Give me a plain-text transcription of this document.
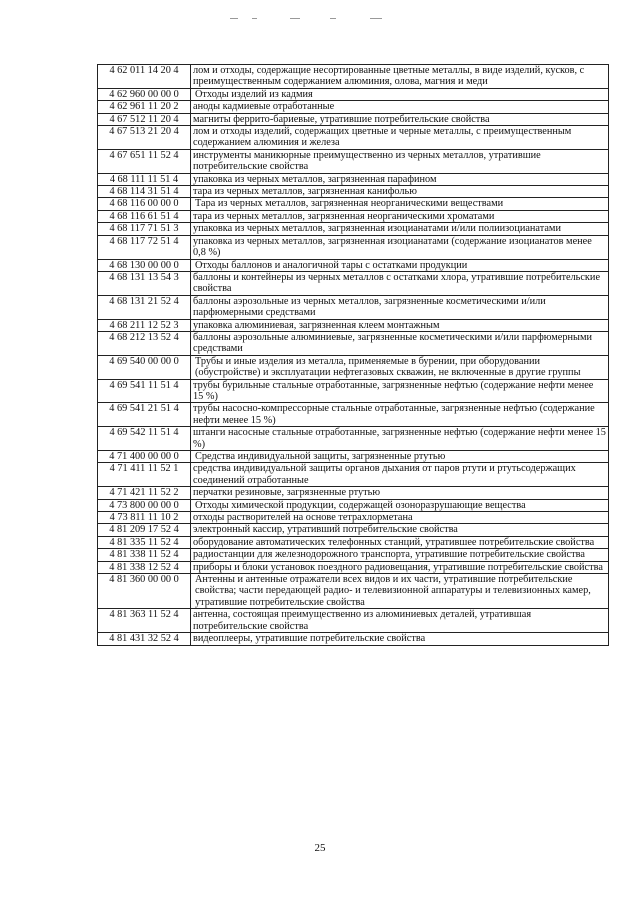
4 62 011 14 20 4	лом и отходы, содержащие несортированные цветные металлы, в виде изделий, кусков, с преимущественным содержанием алюминия, олова, магния и меди
4 62 960 00 00 0	Отходы изделий из кадмия
4 62 961 11 20 2	аноды кадмиевые отработанные
4 67 512 11 20 4	магниты феррито-бариевые, утратившие потребительские свойства
4 67 513 21 20 4	лом и отходы изделий, содержащих цветные и черные металлы, с преимущественным содержанием алюминия и железа
4 67 651 11 52 4	инструменты маникюрные преимущественно из черных металлов, утратившие потребительские свойства
4 68 111 11 51 4	упаковка из черных металлов, загрязненная парафином
4 68 114 31 51 4	тара из черных металлов, загрязненная канифолью
4 68 116 00 00 0	Тара из черных металлов, загрязненная неорганическими веществами
4 68 116 61 51 4	тара из черных металлов, загрязненная неорганическими хроматами
4 68 117 71 51 3	упаковка из черных металлов, загрязненная изоцианатами и/или полиизоцианатами
4 68 117 72 51 4	упаковка из черных металлов, загрязненная изоцианатами (содержание изоцианатов менее 0,8 %)
4 68 130 00 00 0	Отходы баллонов и аналогичной тары с остатками продукции
4 68 131 13 54 3	баллоны и контейнеры из черных металлов с остатками хлора, утратившие потребительские свойства
4 68 131 21 52 4	баллоны аэрозольные из черных металлов, загрязненные косметическими и/или парфюмерными средствами
4 68 211 12 52 3	упаковка алюминиевая, загрязненная клеем монтажным
4 68 212 13 52 4	баллоны аэрозольные алюминиевые, загрязненные косметическими и/или парфюмерными средствами
4 69 540 00 00 0	Трубы и иные изделия из металла, применяемые в бурении, при оборудовании (обустройстве) и эксплуатации нефтегазовых скважин, не включенные в другие группы
4 69 541 11 51 4	трубы бурильные стальные отработанные, загрязненные нефтью (содержание нефти менее 15 %)
4 69 541 21 51 4	трубы насосно-компрессорные стальные отработанные, загрязненные нефтью (содержание нефти менее 15 %)
4 69 542 11 51 4	штанги насосные стальные отработанные, загрязненные нефтью (содержание нефти менее 15 %)
4 71 400 00 00 0	Средства индивидуальной защиты, загрязненные ртутью
4 71 411 11 52 1	средства индивидуальной защиты органов дыхания от паров ртути и ртутьсодержащих соединений отработанные
4 71 421 11 52 2	перчатки резиновые, загрязненные ртутью
4 73 800 00 00 0	Отходы химической продукции, содержащей озоноразрушающие вещества
4 73 811 11 10 2	отходы растворителей на основе тетрахлорметана
4 81 209 17 52 4	электронный кассир, утративший потребительские свойства
4 81 335 11 52 4	оборудование автоматических телефонных станций, утратившее потребительские свойства
4 81 338 11 52 4	радиостанции для железнодорожного транспорта, утратившие потребительские свойства
4 81 338 12 52 4	приборы и блоки установок поездного радиовещания, утратившие потребительские свойства
4 81 360 00 00 0	Антенны и антенные отражатели всех видов и их части, утратившие потребительские свойства; части передающей радио- и телевизионной аппаратуры и телевизионных камер, утратившие потребительские свойства
4 81 363 11 52 4	антенна, состоящая преимущественно из алюминиевых деталей, утратившая потребительские свойства
4 81 431 32 52 4	видеоплееры, утратившие потребительские свойства
25
